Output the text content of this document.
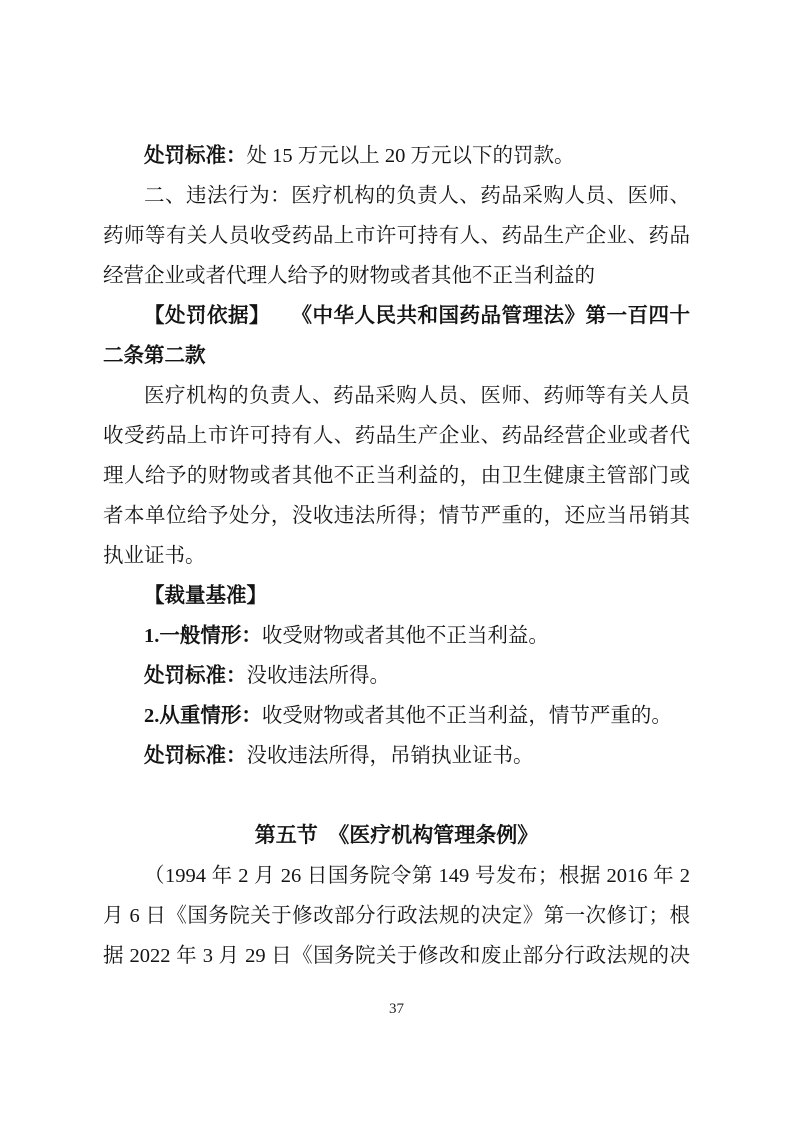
处罚标准：处 15 万元以上 20 万元以下的罚款。
二、违法行为：医疗机构的负责人、药品采购人员、医师、
药师等有关人员收受药品上市许可持有人、药品生产企业、药品
经营企业或者代理人给予的财物或者其他不正当利益的
【处罚依据】　　《中华人民共和国药品管理法》第一百四十
二条第二款
医疗机构的负责人、药品采购人员、医师、药师等有关人员
收受药品上市许可持有人、药品生产企业、药品经营企业或者代
理人给予的财物或者其他不正当利益的，由卫生健康主管部门或
者本单位给予处分，没收违法所得；情节严重的，还应当吊销其
执业证书。
【裁量基准】
1.一般情形：收受财物或者其他不正当利益。
处罚标准：没收违法所得。
2.从重情形：收受财物或者其他不正当利益，情节严重的。
处罚标准：没收违法所得，吊销执业证书。
第五节　《医疗机构管理条例》
（1994 年 2 月 26 日国务院令第 149 号发布；根据 2016 年 2
月 6 日《国务院关于修改部分行政法规的决定》第一次修订；根
据 2022 年 3 月 29 日《国务院关于修改和废止部分行政法规的决
37
